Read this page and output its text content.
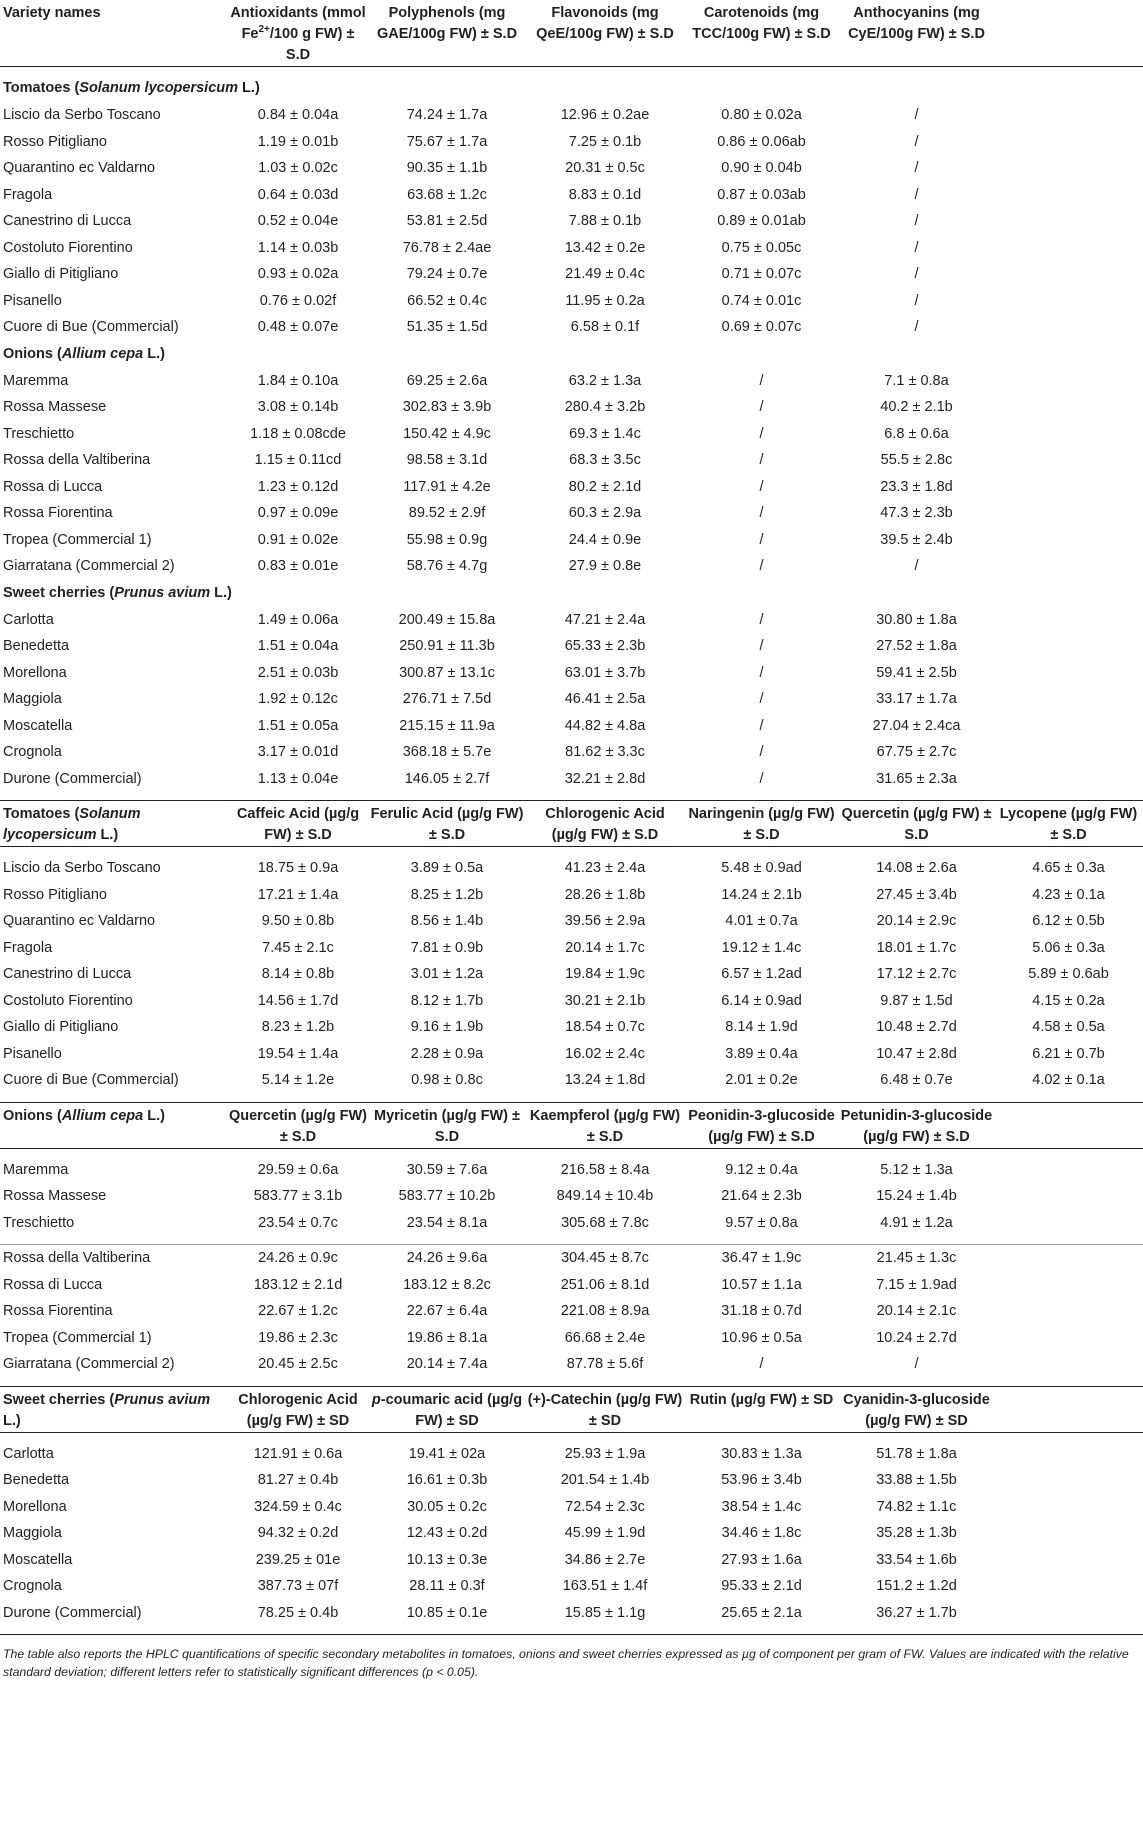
Variety names	Antioxidants (mmol $Fe^{2+}/100$ g FW) ± S.D	Polyphenols (mg GAE/100g FW) ± S.D	Flavonoids (mg QeE/100g FW) ± S.D	Carotenoids (mg TCC/100g FW) ± S.D	Anthocyanins (mg CyE/100g FW) ± S.D	

Tomatoes (Solanum lycopersicum L.)						
Liscio da Serbo Toscano	0.84 ± 0.04a	74.24 ± 1.7a	12.96 ± 0.2ae	0.80 ± 0.02a	/	
Rosso Pitigliano	1.19 ± 0.01b	75.67 ± 1.7a	7.25 ± 0.1b	0.86 ± 0.06ab	/	
Quarantino ec Valdarno	1.03 ± 0.02c	90.35 ± 1.1b	20.31 ± 0.5c	0.90 ± 0.04b	/	
Fragola	0.64 ± 0.03d	63.68 ± 1.2c	8.83 ± 0.1d	0.87 ± 0.03ab	/	
Canestrino di Lucca	0.52 ± 0.04e	53.81 ± 2.5d	7.88 ± 0.1b	0.89 ± 0.01ab	/	
Costoluto Fiorentino	1.14 ± 0.03b	76.78 ± 2.4ae	13.42 ± 0.2e	0.75 ± 0.05c	/	
Giallo di Pitigliano	0.93 ± 0.02a	79.24 ± 0.7e	21.49 ± 0.4c	0.71 ± 0.07c	/	
Pisanello	0.76 ± 0.02f	66.52 ± 0.4c	11.95 ± 0.2a	0.74 ± 0.01c	/	
Cuore di Bue (Commercial)	0.48 ± 0.07e	51.35 ± 1.5d	6.58 ± 0.1f	0.69 ± 0.07c	/	
Onions (Allium cepa L.)						
Maremma	1.84 ± 0.10a	69.25 ± 2.6a	63.2 ± 1.3a	/	7.1 ± 0.8a	
Rossa Massese	3.08 ± 0.14b	302.83 ± 3.9b	280.4 ± 3.2b	/	40.2 ± 2.1b	
Treschietto	1.18 ± 0.08cde	150.42 ± 4.9c	69.3 ± 1.4c	/	6.8 ± 0.6a	
Rossa della Valtiberina	1.15 ± 0.11cd	98.58 ± 3.1d	68.3 ± 3.5c	/	55.5 ± 2.8c	
Rossa di Lucca	1.23 ± 0.12d	117.91 ± 4.2e	80.2 ± 2.1d	/	23.3 ± 1.8d	
Rossa Fiorentina	0.97 ± 0.09e	89.52 ± 2.9f	60.3 ± 2.9a	/	47.3 ± 2.3b	
Tropea (Commercial 1)	0.91 ± 0.02e	55.98 ± 0.9g	24.4 ± 0.9e	/	39.5 ± 2.4b	
Giarratana (Commercial 2)	0.83 ± 0.01e	58.76 ± 4.7g	27.9 ± 0.8e	/	/	
Sweet cherries (Prunus avium L.)						
Carlotta	1.49 ± 0.06a	200.49 ± 15.8a	47.21 ± 2.4a	/	30.80 ± 1.8a	
Benedetta	1.51 ± 0.04a	250.91 ± 11.3b	65.33 ± 2.3b	/	27.52 ± 1.8a	
Morellona	2.51 ± 0.03b	300.87 ± 13.1c	63.01 ± 3.7b	/	59.41 ± 2.5b	
Maggiola	1.92 ± 0.12c	276.71 ± 7.5d	46.41 ± 2.5a	/	33.17 ± 1.7a	
Moscatella	1.51 ± 0.05a	215.15 ± 11.9a	44.82 ± 4.8a	/	27.04 ± 2.4ca	
Crognola	3.17 ± 0.01d	368.18 ± 5.7e	81.62 ± 3.3c	/	67.75 ± 2.7c	
Durone (Commercial)	1.13 ± 0.04e	146.05 ± 2.7f	32.21 ± 2.8d	/	31.65 ± 2.3a	

Tomatoes (Solanum lycopersicum L.)	Caffeic Acid (µg/g FW) ± S.D	Ferulic Acid (µg/g FW) ± S.D	Chlorogenic Acid (µg/g FW) ± S.D	Naringenin (µg/g FW) ± S.D	Quercetin (µg/g FW) ± S.D	Lycopene (µg/g FW) ± S.D

Liscio da Serbo Toscano	18.75 ± 0.9a	3.89 ± 0.5a	41.23 ± 2.4a	5.48 ± 0.9ad	14.08 ± 2.6a	4.65 ± 0.3a
Rosso Pitigliano	17.21 ± 1.4a	8.25 ± 1.2b	28.26 ± 1.8b	14.24 ± 2.1b	27.45 ± 3.4b	4.23 ± 0.1a
Quarantino ec Valdarno	9.50 ± 0.8b	8.56 ± 1.4b	39.56 ± 2.9a	4.01 ± 0.7a	20.14 ± 2.9c	6.12 ± 0.5b
Fragola	7.45 ± 2.1c	7.81 ± 0.9b	20.14 ± 1.7c	19.12 ± 1.4c	18.01 ± 1.7c	5.06 ± 0.3a
Canestrino di Lucca	8.14 ± 0.8b	3.01 ± 1.2a	19.84 ± 1.9c	6.57 ± 1.2ad	17.12 ± 2.7c	5.89 ± 0.6ab
Costoluto Fiorentino	14.56 ± 1.7d	8.12 ± 1.7b	30.21 ± 2.1b	6.14 ± 0.9ad	9.87 ± 1.5d	4.15 ± 0.2a
Giallo di Pitigliano	8.23 ± 1.2b	9.16 ± 1.9b	18.54 ± 0.7c	8.14 ± 1.9d	10.48 ± 2.7d	4.58 ± 0.5a
Pisanello	19.54 ± 1.4a	2.28 ± 0.9a	16.02 ± 2.4c	3.89 ± 0.4a	10.47 ± 2.8d	6.21 ± 0.7b
Cuore di Bue (Commercial)	5.14 ± 1.2e	0.98 ± 0.8c	13.24 ± 1.8d	2.01 ± 0.2e	6.48 ± 0.7e	4.02 ± 0.1a

Onions (Allium cepa L.)	Quercetin (µg/g FW) ± S.D	Myricetin (µg/g FW) ± S.D	Kaempferol (µg/g FW) ± S.D	Peonidin-3-glucoside (µg/g FW) ± S.D	Petunidin-3-glucoside (µg/g FW) ± S.D	

Maremma	29.59 ± 0.6a	30.59 ± 7.6a	216.58 ± 8.4a	9.12 ± 0.4a	5.12 ± 1.3a	
Rossa Massese	583.77 ± 3.1b	583.77 ± 10.2b	849.14 ± 10.4b	21.64 ± 2.3b	15.24 ± 1.4b	
Treschietto	23.54 ± 0.7c	23.54 ± 8.1a	305.68 ± 7.8c	9.57 ± 0.8a	4.91 ± 1.2a	

Rossa della Valtiberina	24.26 ± 0.9c	24.26 ± 9.6a	304.45 ± 8.7c	36.47 ± 1.9c	21.45 ± 1.3c	
Rossa di Lucca	183.12 ± 2.1d	183.12 ± 8.2c	251.06 ± 8.1d	10.57 ± 1.1a	7.15 ± 1.9ad	
Rossa Fiorentina	22.67 ± 1.2c	22.67 ± 6.4a	221.08 ± 8.9a	31.18 ± 0.7d	20.14 ± 2.1c	
Tropea (Commercial 1)	19.86 ± 2.3c	19.86 ± 8.1a	66.68 ± 2.4e	10.96 ± 0.5a	10.24 ± 2.7d	
Giarratana (Commercial 2)	20.45 ± 2.5c	20.14 ± 7.4a	87.78 ± 5.6f	/	/	

Sweet cherries (Prunus avium L.)	Chlorogenic Acid (µg/g FW) ± SD	p-coumaric acid (µg/g FW) ± SD	(+)-Catechin (µg/g FW) ± SD	Rutin (µg/g FW) ± SD	Cyanidin-3-glucoside (µg/g FW) ± SD	

Carlotta	121.91 ± 0.6a	19.41 ± 02a	25.93 ± 1.9a	30.83 ± 1.3a	51.78 ± 1.8a	
Benedetta	81.27 ± 0.4b	16.61 ± 0.3b	201.54 ± 1.4b	53.96 ± 3.4b	33.88 ± 1.5b	
Morellona	324.59 ± 0.4c	30.05 ± 0.2c	72.54 ± 2.3c	38.54 ± 1.4c	74.82 ± 1.1c	
Maggiola	94.32 ± 0.2d	12.43 ± 0.2d	45.99 ± 1.9d	34.46 ± 1.8c	35.28 ± 1.3b	
Moscatella	239.25 ± 01e	10.13 ± 0.3e	34.86 ± 2.7e	27.93 ± 1.6a	33.54 ± 1.6b	
Crognola	387.73 ± 07f	28.11 ± 0.3f	163.51 ± 1.4f	95.33 ± 2.1d	151.2 ± 1.2d	
Durone (Commercial)	78.25 ± 0.4b	10.85 ± 0.1e	15.85 ± 1.1g	25.65 ± 2.1a	36.27 ± 1.7b	

The table also reports the HPLC quantifications of specific secondary metabolites in tomatoes, onions and sweet cherries expressed as µg of component per gram of FW. Values are indicated with the relative standard deviation; different letters refer to statistically significant differences (p < 0.05).
